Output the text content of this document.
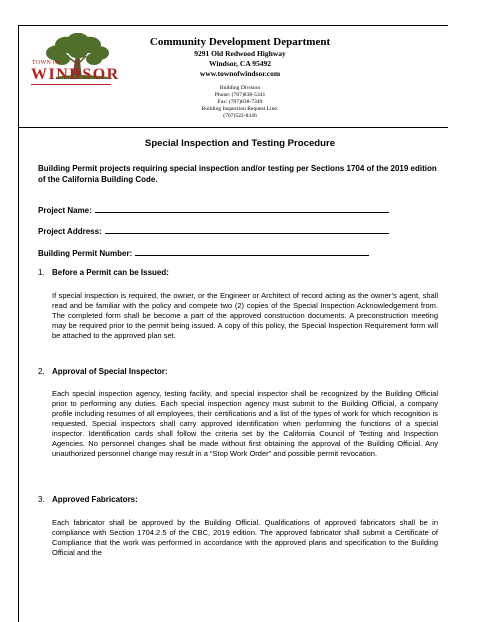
TOWN OF
WINDSOR
Community Development Department
9291 Old Redwood Highway
Windsor, CA 95492
www.townofwindsor.com
Building Division
Phone: (707)838-5341
Fax: (707)838-7349
Building Inspection Request Line:
(707)522-8346
Special Inspection and Testing Procedure
Building Permit projects requiring special inspection and/or testing per Sections 1704 of the 2019 edition of the California Building Code.
Project Name:
Project Address:
Building Permit Number:
1. Before a Permit can be Issued:
If special inspection is required, the owner, or the Engineer or Architect of record acting as the owner’s agent, shall read and be familiar with the policy and compete two (2) copies of the Special Inspection Acknowledgement from. The completed form shall be become a part of the approved construction documents. A preconstruction meeting may be required prior to the permit being issued. A copy of this policy, the Special Inspection Requirement form will be attached to the approved plan set.
2. Approval of Special Inspector:
Each special inspection agency, testing facility, and special inspector shall be recognized by the Building Official prior to performing any duties. Each special inspection agency must submit to the Building Official, a company profile including resumes of all employees, their certifications and a list of the types of work for which recognition is requested. Special inspectors shall carry approved identification when performing the functions of a special inspector. Identification cards shall follow the criteria set by the California Council of Testing and Inspection Agencies. No personnel changes shall be made without first obtaining the approval of the Building Official. Any unauthorized personnel change may result in a “Stop Work Order” and possible permit revocation.
3. Approved Fabricators:
Each fabricator shall be approved by the Building Official. Qualifications of approved fabricators shall be in compliance with Section 1704.2.5 of the CBC, 2019 edition. The approved fabricator shall submit a Certificate of Compliance that the work was performed in accordance with the approved plans and specification to the Building Official and the
